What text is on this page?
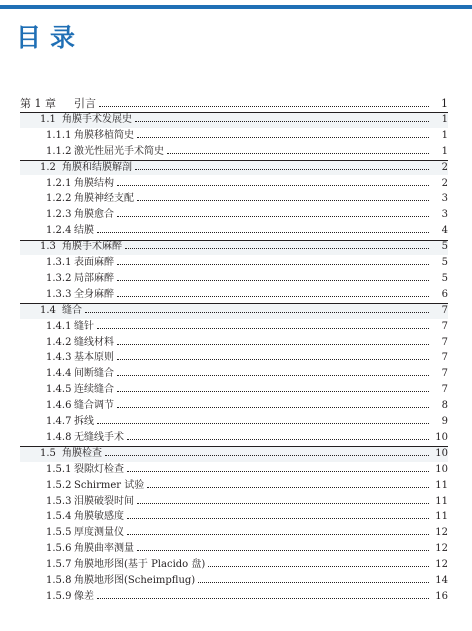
目录
第 1 章	引言	1
1.1 角膜手术发展史	1
1.1.1 角膜移植简史	1
1.1.2 激光性屈光手术简史	1
1.2 角膜和结膜解剖	2
1.2.1 角膜结构	2
1.2.2 角膜神经支配	3
1.2.3 角膜愈合	3
1.2.4 结膜	4
1.3 角膜手术麻醉	5
1.3.1 表面麻醉	5
1.3.2 局部麻醉	5
1.3.3 全身麻醉	6
1.4 缝合	7
1.4.1 缝针	7
1.4.2 缝线材料	7
1.4.3 基本原则	7
1.4.4 间断缝合	7
1.4.5 连续缝合	7
1.4.6 缝合调节	8
1.4.7 拆线	9
1.4.8 无缝线手术	10
1.5 角膜检查	10
1.5.1 裂隙灯检查	10
1.5.2 Schirmer 试验	11
1.5.3 泪膜破裂时间	11
1.5.4 角膜敏感度	11
1.5.5 厚度测量仪	12
1.5.6 角膜曲率测量	12
1.5.7 角膜地形图(基于 Placido 盘)	12
1.5.8 角膜地形图(Scheimpflug)	14
1.5.9 像差	16
